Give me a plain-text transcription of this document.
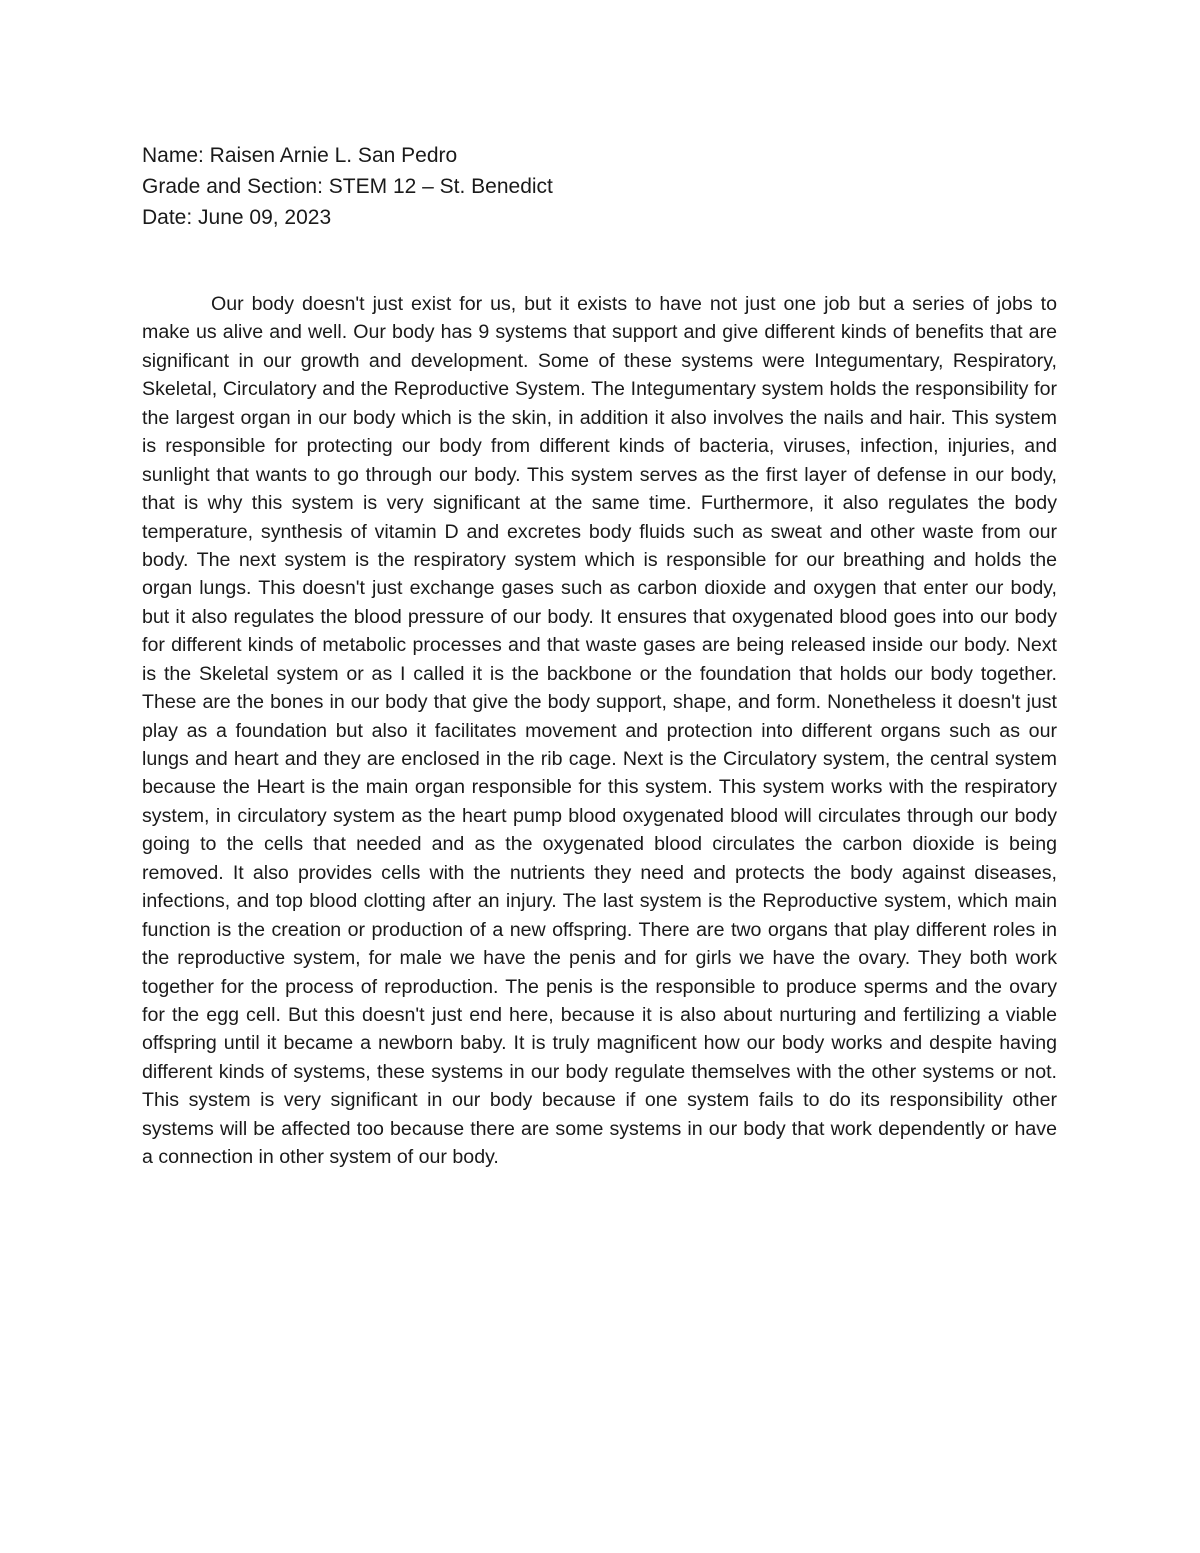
Name: Raisen Arnie L. San Pedro
Grade and Section: STEM 12 – St. Benedict
Date: June 09, 2023

Our body doesn't just exist for us, but it exists to have not just one job but a series of jobs to make us alive and well. Our body has 9 systems that support and give different kinds of benefits that are significant in our growth and development. Some of these systems were Integumentary, Respiratory, Skeletal, Circulatory and the Reproductive System. The Integumentary system holds the responsibility for the largest organ in our body which is the skin, in addition it also involves the nails and hair. This system is responsible for protecting our body from different kinds of bacteria, viruses, infection, injuries, and sunlight that wants to go through our body. This system serves as the first layer of defense in our body, that is why this system is very significant at the same time. Furthermore, it also regulates the body temperature, synthesis of vitamin D and excretes body fluids such as sweat and other waste from our body. The next system is the respiratory system which is responsible for our breathing and holds the organ lungs. This doesn't just exchange gases such as carbon dioxide and oxygen that enter our body, but it also regulates the blood pressure of our body. It ensures that oxygenated blood goes into our body for different kinds of metabolic processes and that waste gases are being released inside our body. Next is the Skeletal system or as I called it is the backbone or the foundation that holds our body together. These are the bones in our body that give the body support, shape, and form. Nonetheless it doesn't just play as a foundation but also it facilitates movement and protection into different organs such as our lungs and heart and they are enclosed in the rib cage. Next is the Circulatory system, the central system because the Heart is the main organ responsible for this system. This system works with the respiratory system, in circulatory system as the heart pump blood oxygenated blood will circulates through our body going to the cells that needed and as the oxygenated blood circulates the carbon dioxide is being removed. It also provides cells with the nutrients they need and protects the body against diseases, infections, and top blood clotting after an injury. The last system is the Reproductive system, which main function is the creation or production of a new offspring. There are two organs that play different roles in the reproductive system, for male we have the penis and for girls we have the ovary. They both work together for the process of reproduction. The penis is the responsible to produce sperms and the ovary for the egg cell. But this doesn't just end here, because it is also about nurturing and fertilizing a viable offspring until it became a newborn baby. It is truly magnificent how our body works and despite having different kinds of systems, these systems in our body regulate themselves with the other systems or not. This system is very significant in our body because if one system fails to do its responsibility other systems will be affected too because there are some systems in our body that work dependently or have a connection in other system of our body.
